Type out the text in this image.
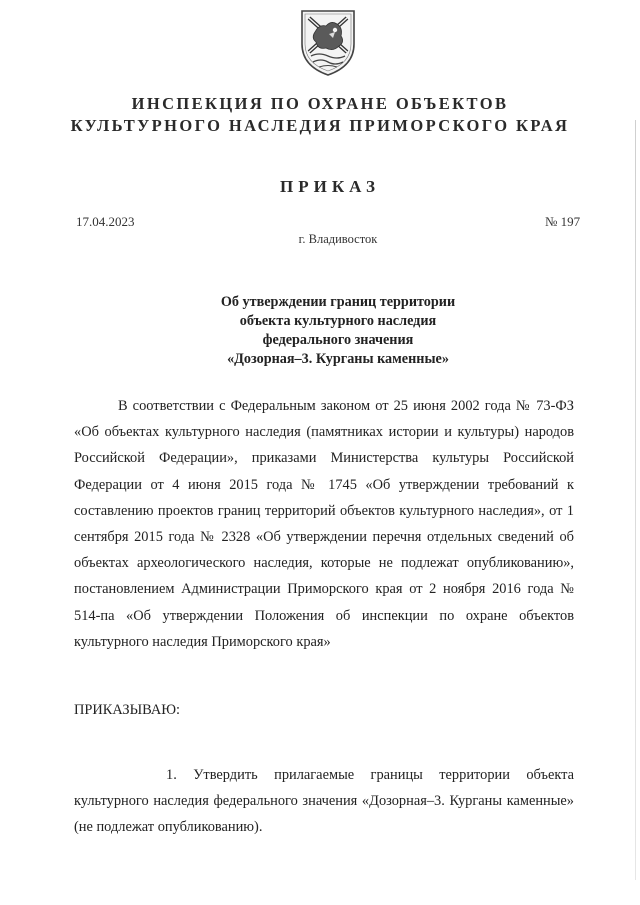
ИНСПЕКЦИЯ ПО ОХРАНЕ ОБЪЕКТОВ
КУЛЬТУРНОГО НАСЛЕДИЯ ПРИМОРСКОГО КРАЯ
ПРИКАЗ
17.04.2023	№ 197
г. Владивосток
Об утверждении границ территории
объекта культурного наследия
федерального значения
«Дозорная–3. Курганы каменные»
В соответствии с Федеральным законом от 25 июня 2002 года № 73-ФЗ «Об объектах культурного наследия (памятниках истории и культуры) народов Российской Федерации», приказами Министерства культуры Российской Федерации от 4 июня 2015 года № 1745 «Об утверждении требований к составлению проектов границ территорий объектов культурного наследия», от 1 сентября 2015 года № 2328 «Об утверждении перечня отдельных сведений об объектах археологического наследия, которые не подлежат опубликованию», постановлением Администрации Приморского края от 2 ноября 2016 года № 514-па «Об утверждении Положения об инспекции по охране объектов культурного наследия Приморского края»
ПРИКАЗЫВАЮ:
1. Утвердить прилагаемые границы территории объекта культурного наследия федерального значения «Дозорная–3. Курганы каменные» (не подлежат опубликованию).
